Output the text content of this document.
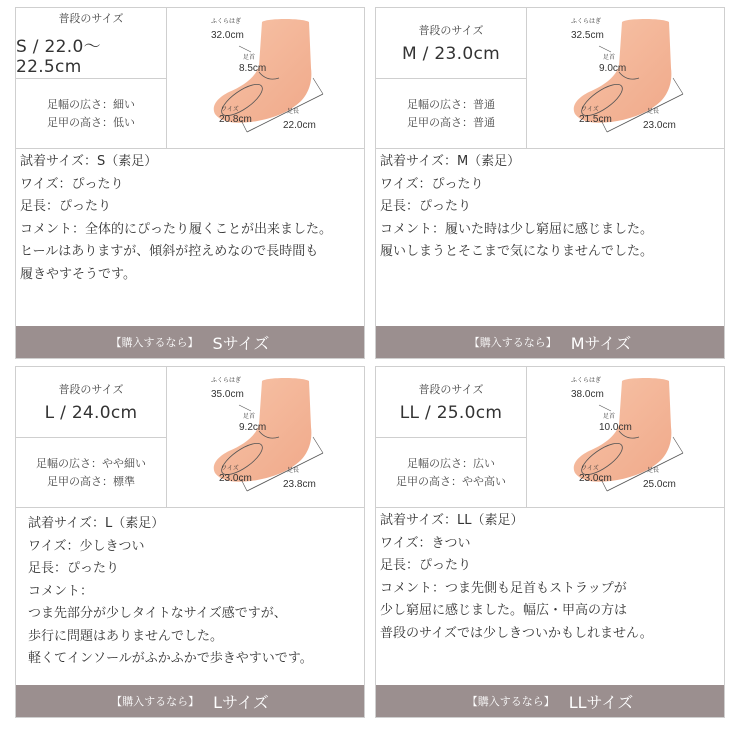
普段のサイズ
S / 22.0～22.5cm
足幅の広さ：細い
足甲の高さ：低い
ふくらはぎ
32.0cm
足首
8.5cm
ワイズ
20.8cm
足長
22.0cm
試着サイズ：S（素足）
ワイズ：ぴったり
足長：ぴったり
コメント：全体的にぴったり履くことが出来ました。
ヒールはありますが、傾斜が控えめなので長時間も
履きやすそうです。
【購入するなら】 Sサイズ
普段のサイズ
M / 23.0cm
足幅の広さ：普通
足甲の高さ：普通
ふくらはぎ
32.5cm
足首
9.0cm
ワイズ
21.5cm
足長
23.0cm
試着サイズ：M（素足）
ワイズ：ぴったり
足長：ぴったり
コメント：履いた時は少し窮屈に感じました。
履いしまうとそこまで気になりませんでした。
【購入するなら】 Mサイズ
普段のサイズ
L / 24.0cm
足幅の広さ：やや細い
足甲の高さ：標準
ふくらはぎ
35.0cm
足首
9.2cm
ワイズ
23.0cm
足長
23.8cm
試着サイズ：L（素足）
ワイズ：少しきつい
足長：ぴったり
コメント：
つま先部分が少しタイトなサイズ感ですが、
歩行に問題はありませんでした。
軽くてインソールがふかふかで歩きやすいです。
【購入するなら】 Lサイズ
普段のサイズ
LL / 25.0cm
足幅の広さ：広い
足甲の高さ：やや高い
ふくらはぎ
38.0cm
足首
10.0cm
ワイズ
23.0cm
足長
25.0cm
試着サイズ：LL（素足）
ワイズ：きつい
足長：ぴったり
コメント：つま先側も足首もストラップが
少し窮屈に感じました。幅広・甲高の方は
普段のサイズでは少しきついかもしれません。
【購入するなら】 LLサイズ
